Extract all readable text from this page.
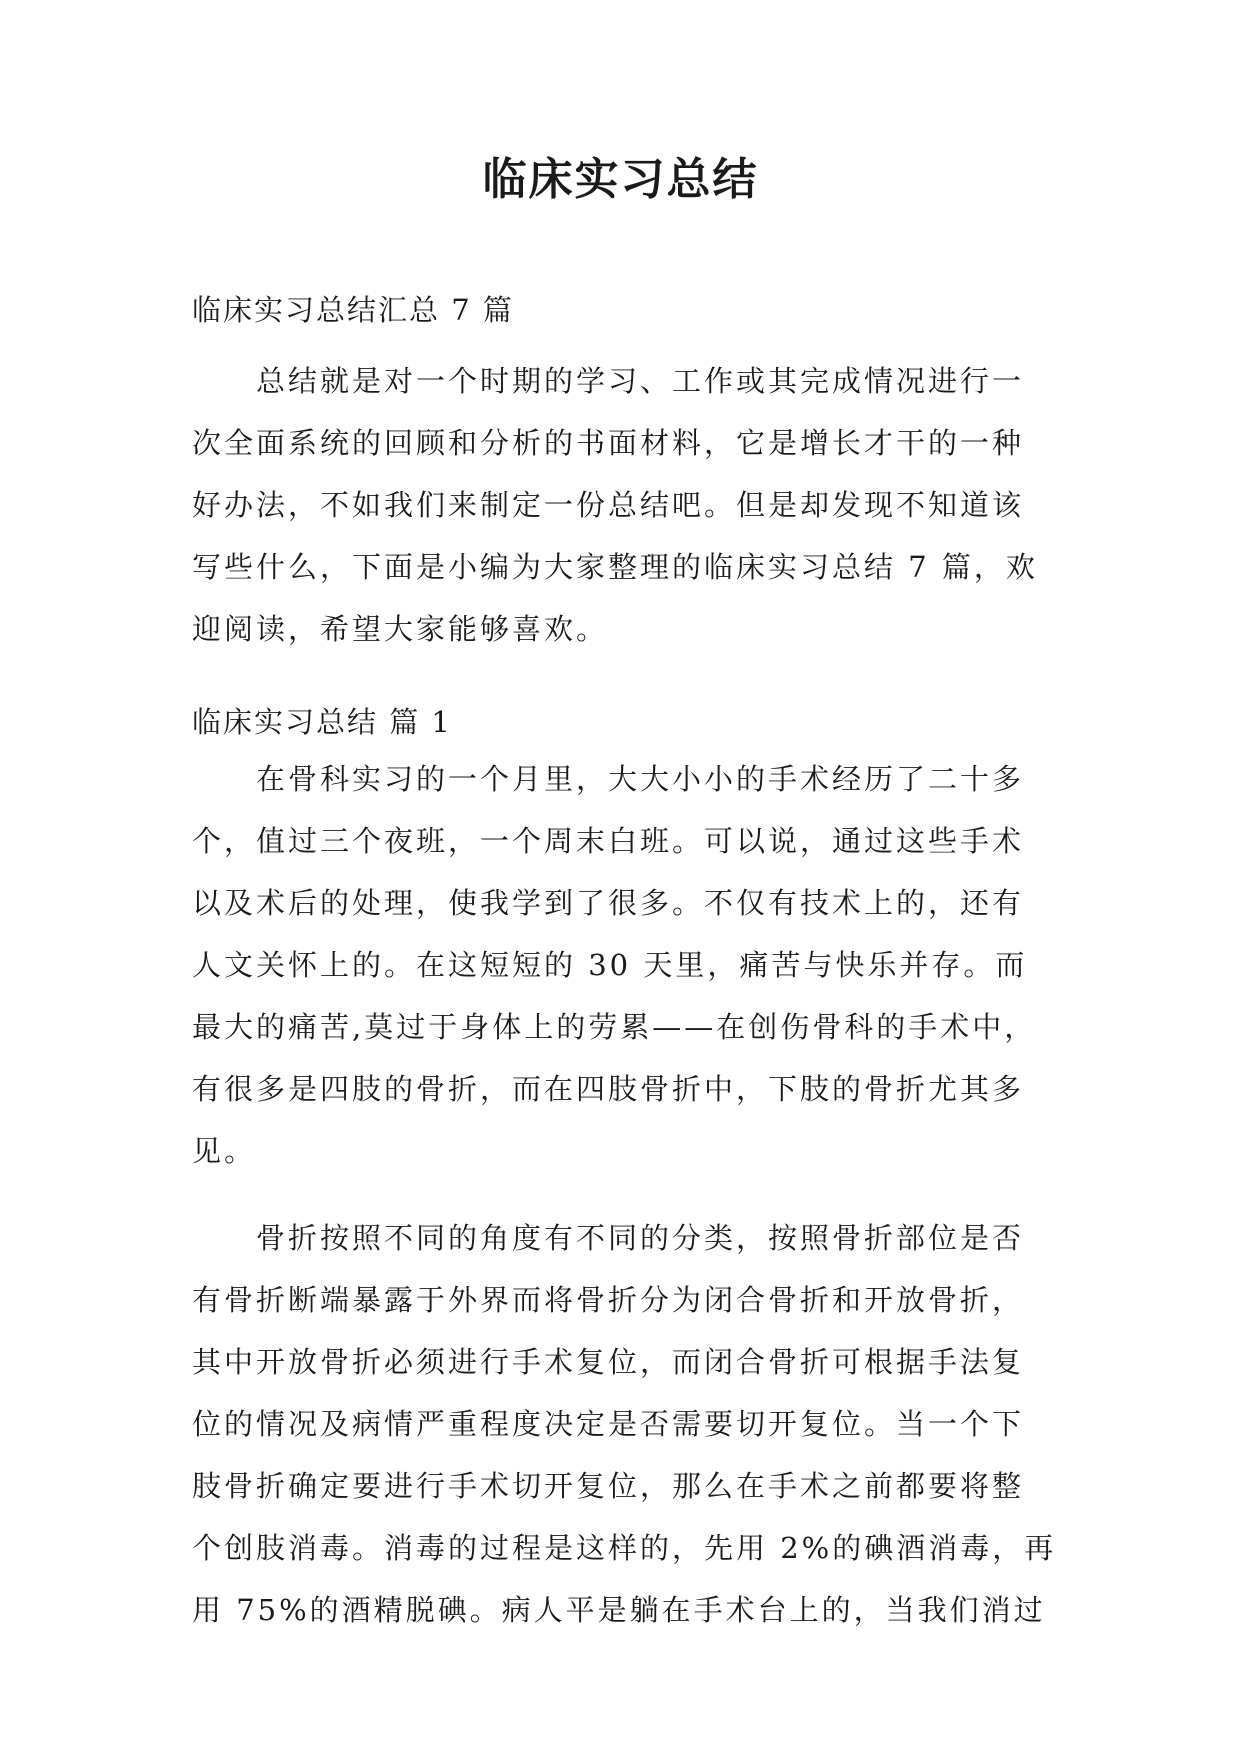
临床实习总结
临床实习总结汇总 7 篇
总结就是对一个时期的学习、工作或其完成情况进行一
次全面系统的回顾和分析的书面材料，它是增长才干的一种
好办法，不如我们来制定一份总结吧。但是却发现不知道该
写些什么，下面是小编为大家整理的临床实习总结 7 篇，欢
迎阅读，希望大家能够喜欢。
临床实习总结 篇 1
在骨科实习的一个月里，大大小小的手术经历了二十多
个，值过三个夜班，一个周末白班。可以说，通过这些手术
以及术后的处理，使我学到了很多。不仅有技术上的，还有
人文关怀上的。在这短短的 30 天里，痛苦与快乐并存。而
最大的痛苦,莫过于身体上的劳累——在创伤骨科的手术中，
有很多是四肢的骨折，而在四肢骨折中，下肢的骨折尤其多
见。
骨折按照不同的角度有不同的分类，按照骨折部位是否
有骨折断端暴露于外界而将骨折分为闭合骨折和开放骨折，
其中开放骨折必须进行手术复位，而闭合骨折可根据手法复
位的情况及病情严重程度决定是否需要切开复位。当一个下
肢骨折确定要进行手术切开复位，那么在手术之前都要将整
个创肢消毒。消毒的过程是这样的，先用 2%的碘酒消毒，再
用 75%的酒精脱碘。病人平是躺在手术台上的，当我们消过
